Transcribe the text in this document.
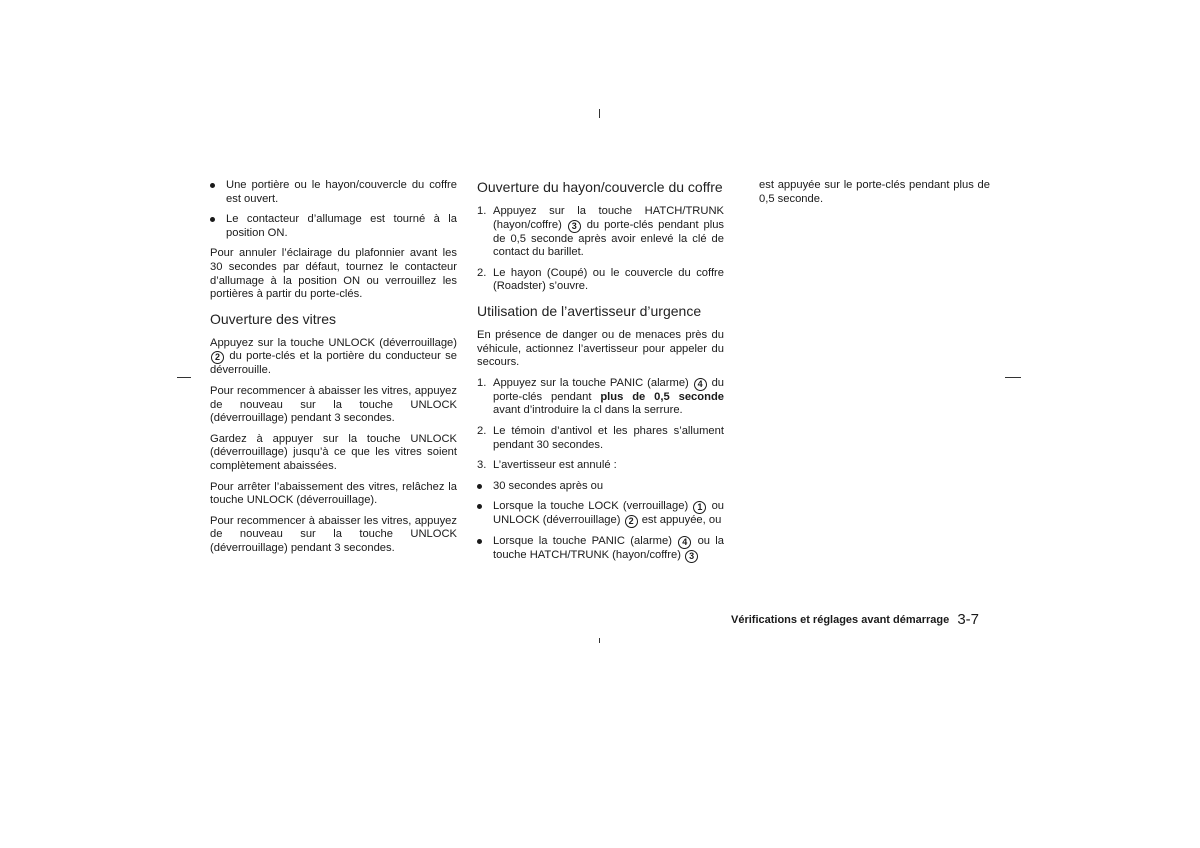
Une portière ou le hayon/couvercle du coffre est ouvert.
Le contacteur d’allumage est tourné à la position ON.

Pour annuler l’éclairage du plafonnier avant les 30 secondes par défaut, tournez le contacteur d’allumage à la position ON ou verrouillez les portières à partir du porte-clés.

Ouverture des vitres

Appuyez sur la touche UNLOCK (déverrouillage) 2 du porte-clés et la portière du conducteur se déverrouille.

Pour recommencer à abaisser les vitres, appuyez de nouveau sur la touche UNLOCK (déverrouillage) pendant 3 secondes.

Gardez à appuyer sur la touche UNLOCK (déverrouillage) jusqu’à ce que les vitres soient complètement abaissées.

Pour arrêter l’abaissement des vitres, relâchez la touche UNLOCK (déverrouillage).

Pour recommencer à abaisser les vitres, appuyez de nouveau sur la touche UNLOCK (déverrouillage) pendant 3 secondes.

Ouverture du hayon/couvercle du coffre
1. Appuyez sur la touche HATCH/TRUNK (hayon/coffre) 3 du porte-clés pendant plus de 0,5 seconde après avoir enlevé la clé de contact du barillet.
2. Le hayon (Coupé) ou le couvercle du coffre (Roadster) s’ouvre.
Utilisation de l’avertisseur d’urgence

En présence de danger ou de menaces près du véhicule, actionnez l’avertisseur pour appeler du secours.

1. Appuyez sur la touche PANIC (alarme) 4 du porte-clés pendant plus de 0,5 seconde avant d’introduire la cl dans la serrure.
2. Le témoin d’antivol et les phares s’allument pendant 30 secondes.
3. L’avertisseur est annulé :
30 secondes après ou
Lorsque la touche LOCK (verrouillage) 1 ou UNLOCK (déverrouillage) 2 est appuyée, ou
Lorsque la touche PANIC (alarme) 4 ou la touche HATCH/TRUNK (hayon/coffre) 3

est appuyée sur le porte-clés pendant plus de 0,5 seconde.

Vérifications et réglages avant démarrage 3-7
